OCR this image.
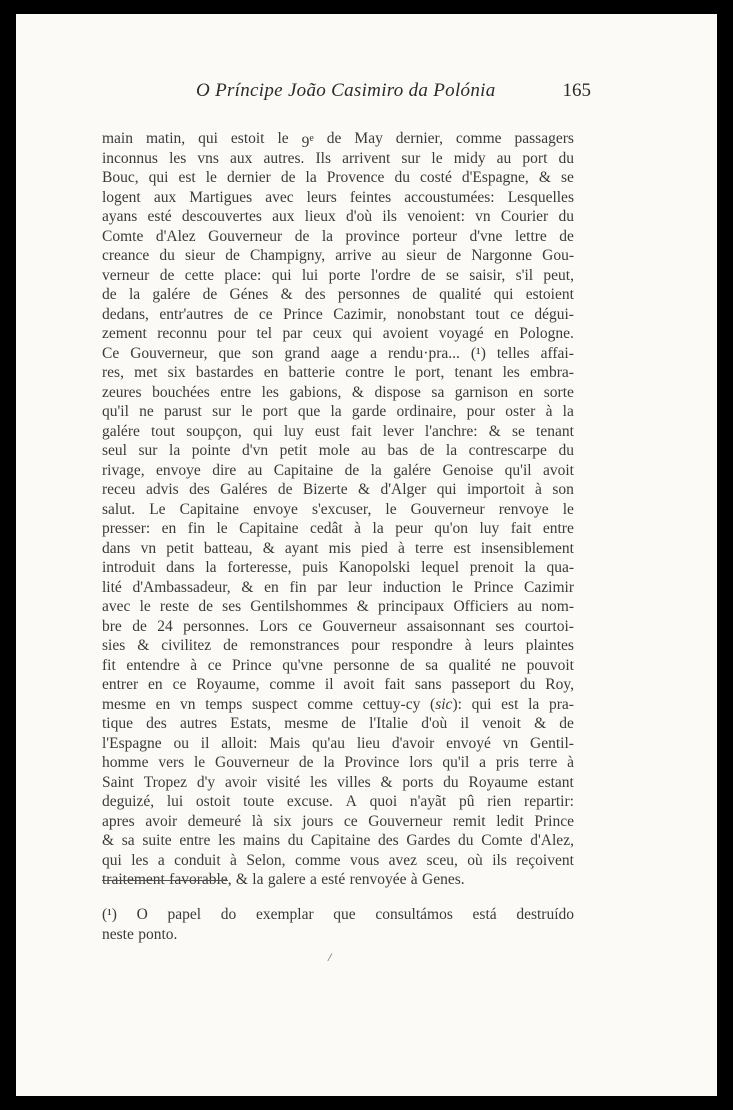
O Príncipe João Casimiro da Polónia	165
main matin, qui estoit le 9e de May dernier, comme passagers
inconnus les vns aux autres. Ils arrivent sur le midy au port du
Bouc, qui est le dernier de la Provence du costé d'Espagne, & se
logent aux Martigues avec leurs feintes accoustumées: Lesquelles
ayans esté descouvertes aux lieux d'où ils venoient: vn Courier du
Comte d'Alez Gouverneur de la province porteur d'vne lettre de
creance du sieur de Champigny, arrive au sieur de Nargonne Gou-
verneur de cette place: qui lui porte l'ordre de se saisir, s'il peut,
de la galére de Génes & des personnes de qualité qui estoient
dedans, entr'autres de ce Prince Cazimir, nonobstant tout ce dégui-
zement reconnu pour tel par ceux qui avoient voyagé en Pologne.
Ce Gouverneur, que son grand aage a rendu·pra... (¹) telles affai-
res, met six bastardes en batterie contre le port, tenant les embra-
zeures bouchées entre les gabions, & dispose sa garnison en sorte
qu'il ne parust sur le port que la garde ordinaire, pour oster à la
galére tout soupçon, qui luy eust fait lever l'anchre: & se tenant
seul sur la pointe d'vn petit mole au bas de la contrescarpe du
rivage, envoye dire au Capitaine de la galére Genoise qu'il avoit
receu advis des Galéres de Bizerte & d'Alger qui importoit à son
salut. Le Capitaine envoye s'excuser, le Gouverneur renvoye le
presser: en fin le Capitaine cedât à la peur qu'on luy fait entre
dans vn petit batteau, & ayant mis pied à terre est insensiblement
introduit dans la forteresse, puis Kanopolski lequel prenoit la qua-
lité d'Ambassadeur, & en fin par leur induction le Prince Cazimir
avec le reste de ses Gentilshommes & principaux Officiers au nom-
bre de 24 personnes. Lors ce Gouverneur assaisonnant ses courtoi-
sies & civilitez de remonstrances pour respondre à leurs plaintes
fit entendre à ce Prince qu'vne personne de sa qualité ne pouvoit
entrer en ce Royaume, comme il avoit fait sans passeport du Roy,
mesme en vn temps suspect comme cettuy-cy (sic): qui est la pra-
tique des autres Estats, mesme de l'Italie d'où il venoit & de
l'Espagne ou il alloit: Mais qu'au lieu d'avoir envoyé vn Gentil-
homme vers le Gouverneur de la Province lors qu'il a pris terre à
Saint Tropez d'y avoir visité les villes & ports du Royaume estant
deguizé, lui ostoit toute excuse. A quoi n'ayãt pû rien repartir:
apres avoir demeuré là six jours ce Gouverneur remit ledit Prince
& sa suite entre les mains du Capitaine des Gardes du Comte d'Alez,
qui les a conduit à Selon, comme vous avez sceu, où ils reçoivent
traitement favorable, & la galere a esté renvoyée à Genes.
(¹) O papel do exemplar que consultámos está destruído
neste ponto.
/
